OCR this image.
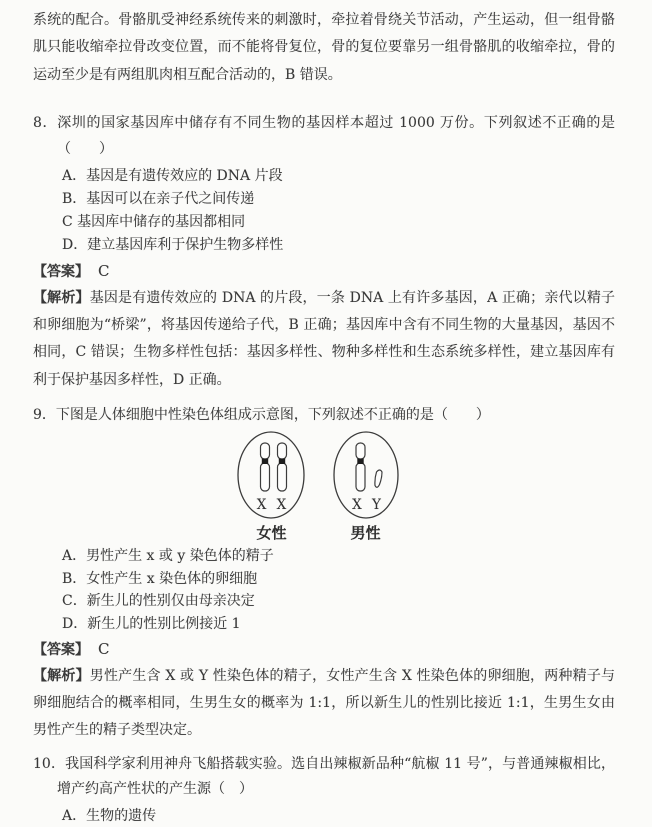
系统的配合。骨骼肌受神经系统传来的刺激时，牵拉着骨绕关节活动，产生运动，但一组骨骼肌只能收缩牵拉骨改变位置，而不能将骨复位，骨的复位要靠另一组骨骼肌的收缩牵拉，骨的运动至少是有两组肌肉相互配合活动的，B 错误。

8．深圳的国家基因库中储存有不同生物的基因样本超过 1000 万份。下列叙述不正确的是（　　）

A．基因是有遗传效应的 DNA 片段

B．基因可以在亲子代之间传递

C 基因库中储存的基因都相同

D．建立基因库利于保护生物多样性

【答案】 C

【解析】基因是有遗传效应的 DNA 的片段，一条 DNA 上有许多基因，A 正确；亲代以精子和卵细胞为“桥梁”，将基因传递给子代，B 正确；基因库中含有不同生物的大量基因，基因不相同，C 错误；生物多样性包括：基因多样性、物种多样性和生态系统多样性，建立基因库有利于保护基因多样性，D 正确。

9．下图是人体细胞中性染色体组成示意图，下列叙述不正确的是（　　）

X X
女性
X Y
男性

A．男性产生 x 或 y 染色体的精子

B．女性产生 x 染色体的卵细胞

C．新生儿的性别仅由母亲决定

D．新生儿的性别比例接近 1

【答案】 C

【解析】男性产生含 X 或 Y 性染色体的精子，女性产生含 X 性染色体的卵细胞，两种精子与卵细胞结合的概率相同，生男生女的概率为 1:1，所以新生儿的性别比接近 1:1，生男生女由男性产生的精子类型决定。

10．我国科学家利用神舟飞船搭载实验。选自出辣椒新品种“航椒 11 号”，与普通辣椒相比，增产约高产性状的产生源（　）

A．生物的遗传
